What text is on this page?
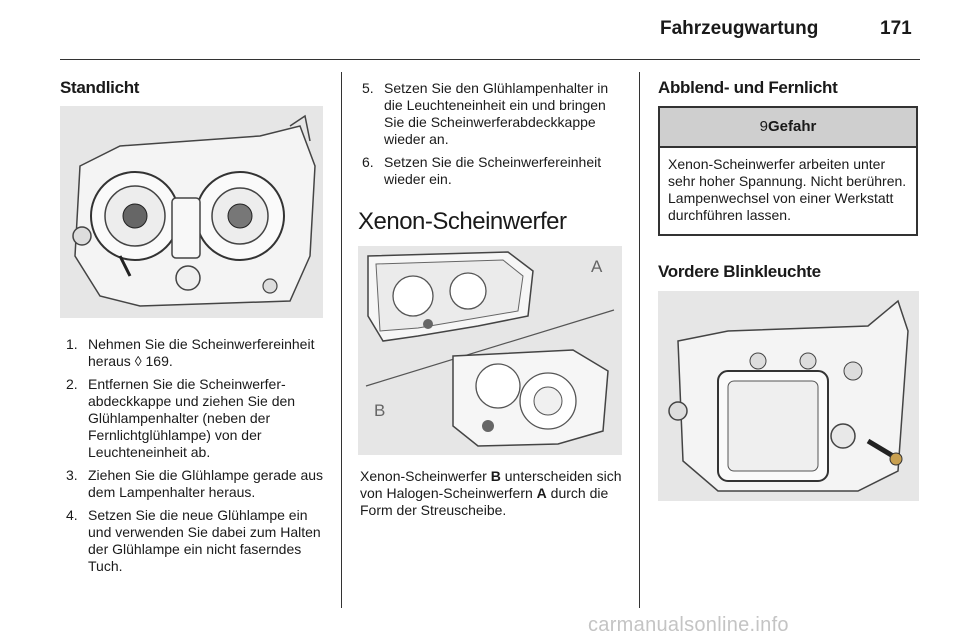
Fahrzeugwartung	171
Standlicht
1. Nehmen Sie die Scheinwerfereinheit heraus ◊ 169.
2. Entfernen Sie die Scheinwerferabdeckkappe und ziehen Sie den Glühlampenhalter (neben der Fernlichtglühlampe) von der Leuchteneinheit ab.
3. Ziehen Sie die Glühlampe gerade aus dem Lampenhalter heraus.
4. Setzen Sie die neue Glühlampe ein und verwenden Sie dabei zum Halten der Glühlampe ein nicht faserndes Tuch.
5. Setzen Sie den Glühlampenhalter in die Leuchteneinheit ein und bringen Sie die Scheinwerferabdeckkappe wieder an.
6. Setzen Sie die Scheinwerfereinheit wieder ein.
Xenon-Scheinwerfer
A
B

Xenon-Scheinwerfer B unterscheiden sich von Halogen-Scheinwerfern A durch die Form der Streuscheibe.

Abblend- und Fernlicht
9Gefahr

Xenon-Scheinwerfer arbeiten unter sehr hoher Spannung. Nicht berühren. Lampenwechsel von einer Werkstatt durchführen lassen.

Vordere Blinkleuchte
carmanualsonline.info
